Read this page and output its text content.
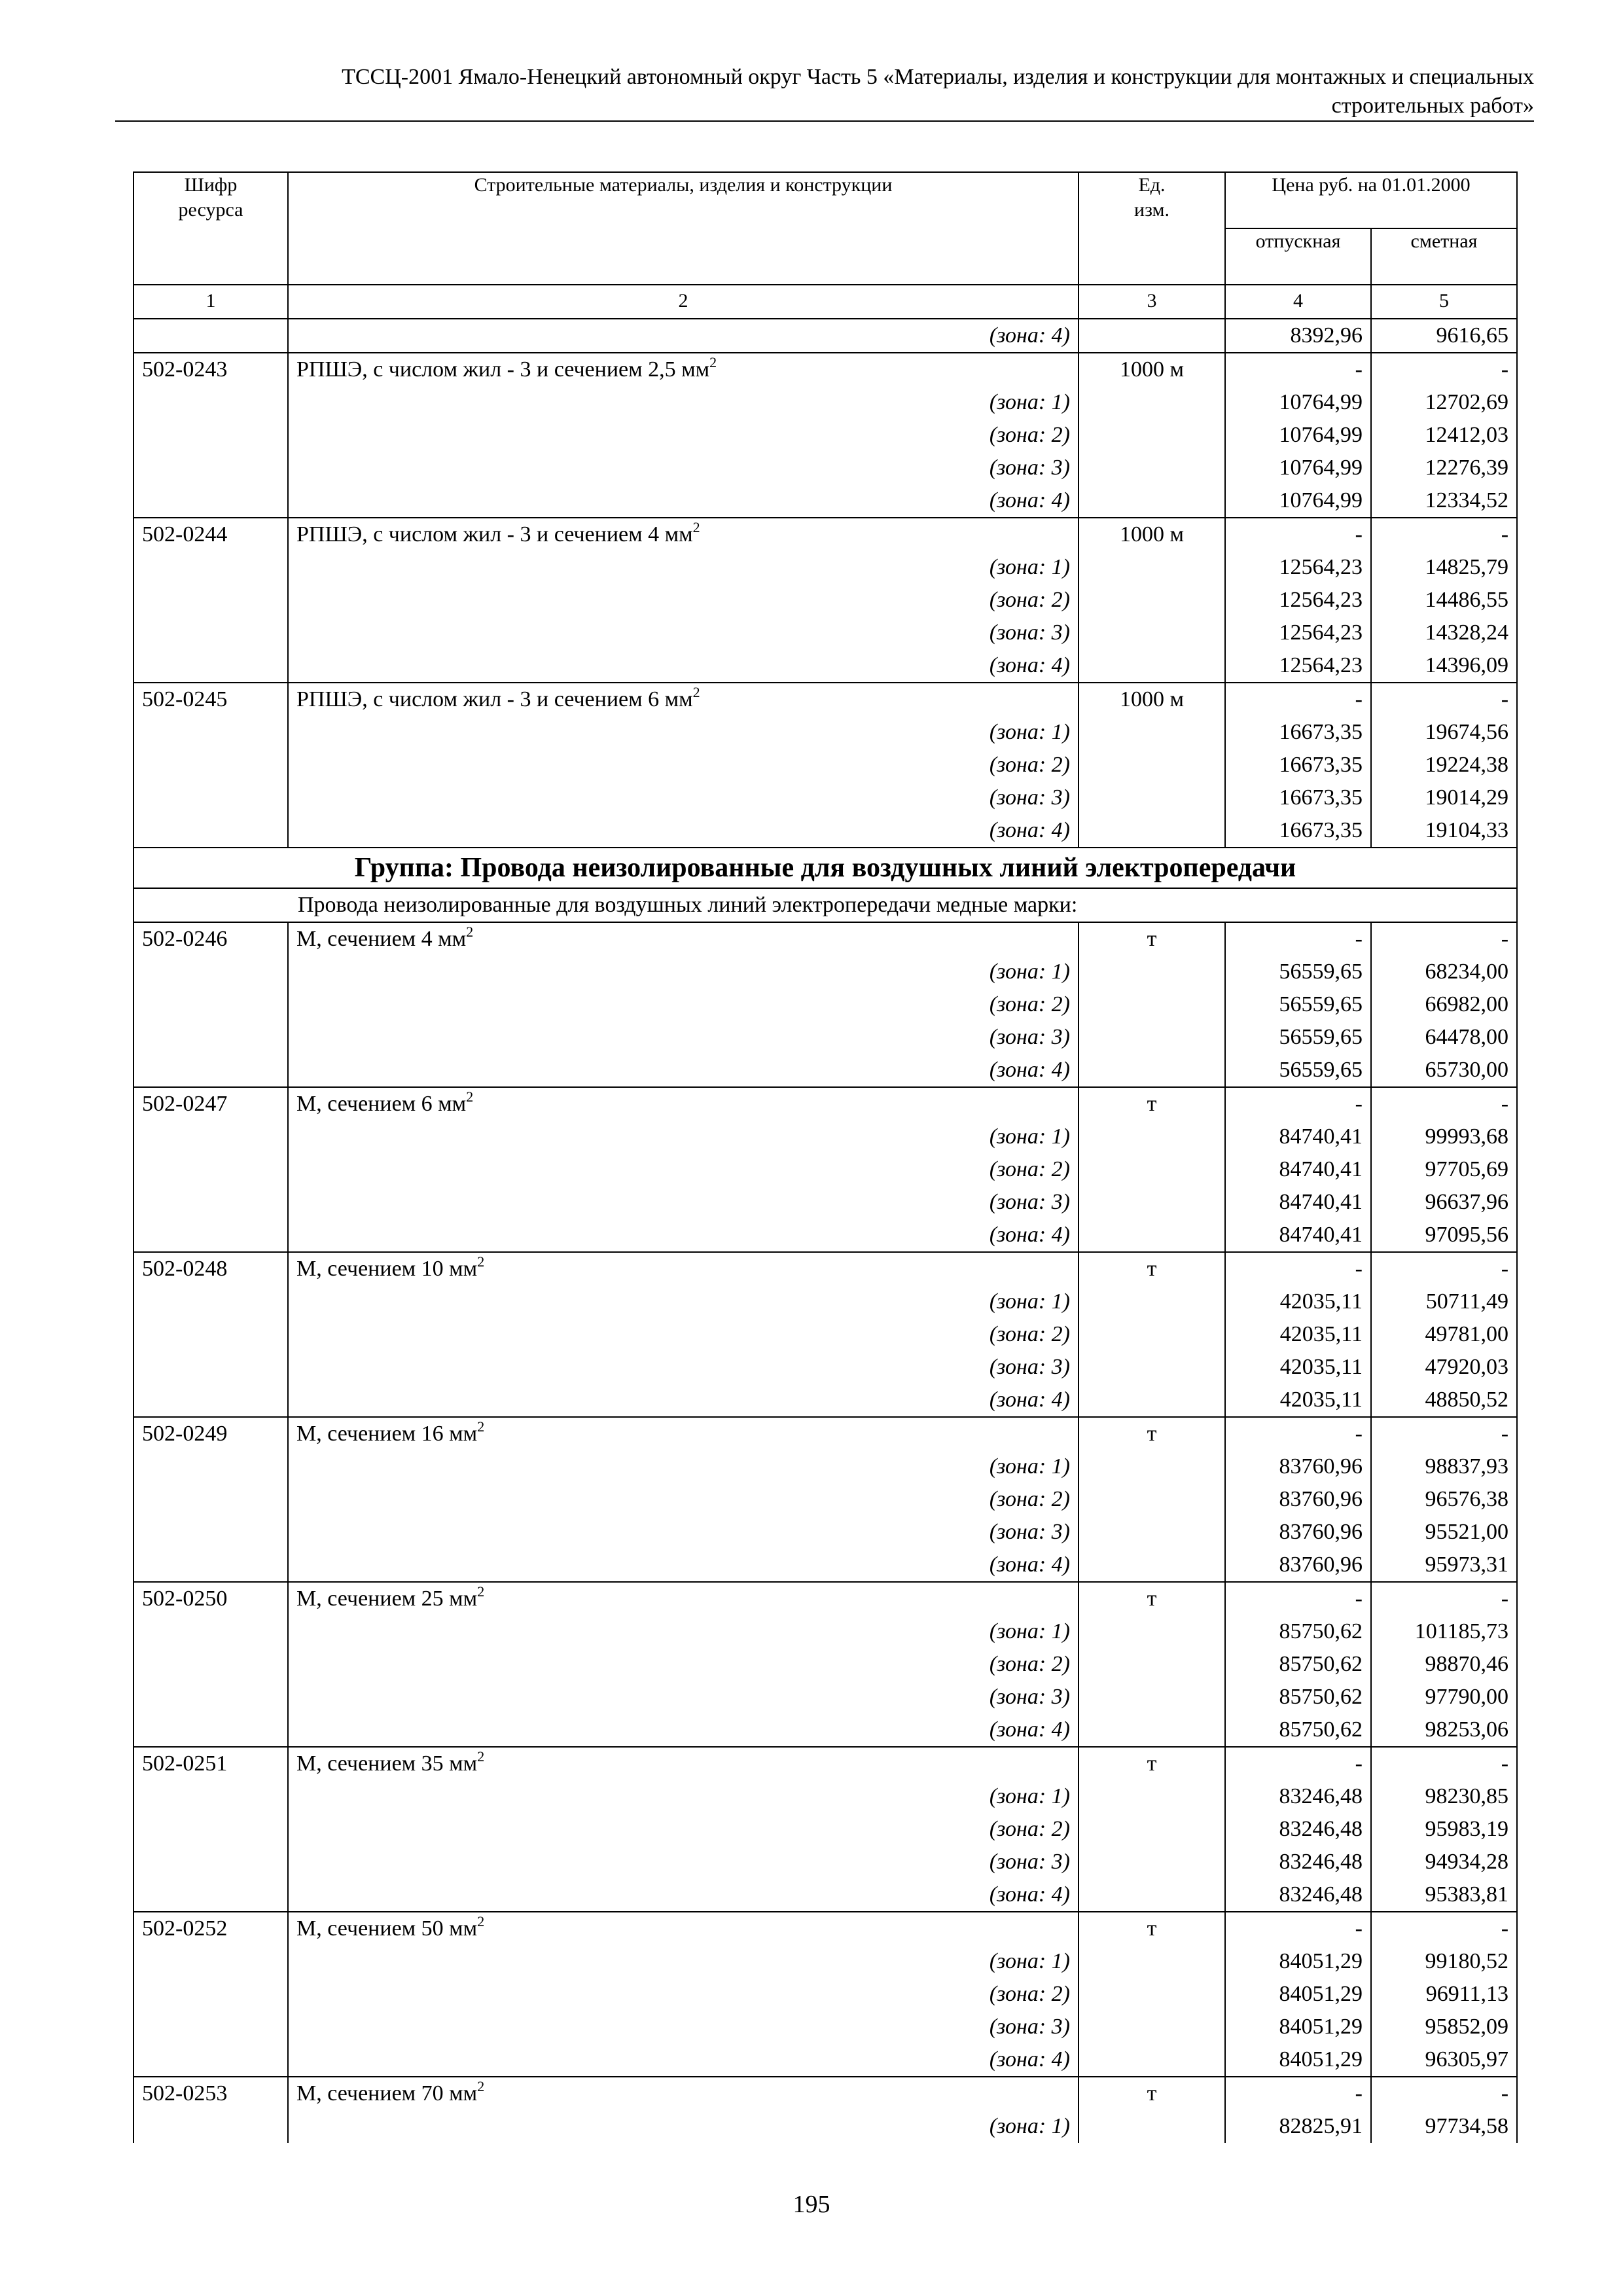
ТССЦ-2001 Ямало-Ненецкий автономный округ Часть 5 «Материалы, изделия и конструкции для монтажных и специальных
строительных работ»
Шифр ресурса	Строительные материалы, изделия и конструкции	Ед. изм.	Цена руб. на 01.01.2000	
			отпускная	сметная
1	2	3	4	5
	(зона: 4)		8392,96	9616,65
502-0243	РПШЭ, с числом жил - 3 и сечением 2,5 $мм^2$	1000 м	-	-
	(зона: 1)		10764,99	12702,69
	(зона: 2)		10764,99	12412,03
	(зона: 3)		10764,99	12276,39
	(зона: 4)		10764,99	12334,52
502-0244	РПШЭ, с числом жил - 3 и сечением 4 $мм^2$	1000 м	-	-
	(зона: 1)		12564,23	14825,79
	(зона: 2)		12564,23	14486,55
	(зона: 3)		12564,23	14328,24
	(зона: 4)		12564,23	14396,09
502-0245	РПШЭ, с числом жил - 3 и сечением 6 $мм^2$	1000 м	-	-
	(зона: 1)		16673,35	19674,56
	(зона: 2)		16673,35	19224,38
	(зона: 3)		16673,35	19014,29
	(зона: 4)		16673,35	19104,33
Группа: Провода неизолированные для воздушных линий электропередачи				
Провода неизолированные для воздушных линий электропередачи медные марки:				
502-0246	М, сечением 4 $мм^2$	т	-	-
	(зона: 1)		56559,65	68234,00
	(зона: 2)		56559,65	66982,00
	(зона: 3)		56559,65	64478,00
	(зона: 4)		56559,65	65730,00
502-0247	М, сечением 6 $мм^2$	т	-	-
	(зона: 1)		84740,41	99993,68
	(зона: 2)		84740,41	97705,69
	(зона: 3)		84740,41	96637,96
	(зона: 4)		84740,41	97095,56
502-0248	М, сечением 10 $мм^2$	т	-	-
	(зона: 1)		42035,11	50711,49
	(зона: 2)		42035,11	49781,00
	(зона: 3)		42035,11	47920,03
	(зона: 4)		42035,11	48850,52
502-0249	М, сечением 16 $мм^2$	т	-	-
	(зона: 1)		83760,96	98837,93
	(зона: 2)		83760,96	96576,38
	(зона: 3)		83760,96	95521,00
	(зона: 4)		83760,96	95973,31
502-0250	М, сечением 25 $мм^2$	т	-	-
	(зона: 1)		85750,62	101185,73
	(зона: 2)		85750,62	98870,46
	(зона: 3)		85750,62	97790,00
	(зона: 4)		85750,62	98253,06
502-0251	М, сечением 35 $мм^2$	т	-	-
	(зона: 1)		83246,48	98230,85
	(зона: 2)		83246,48	95983,19
	(зона: 3)		83246,48	94934,28
	(зона: 4)		83246,48	95383,81
502-0252	М, сечением 50 $мм^2$	т	-	-
	(зона: 1)		84051,29	99180,52
	(зона: 2)		84051,29	96911,13
	(зона: 3)		84051,29	95852,09
	(зона: 4)		84051,29	96305,97
502-0253	М, сечением 70 $мм^2$	т	-	-
	(зона: 1)		82825,91	97734,58
195
